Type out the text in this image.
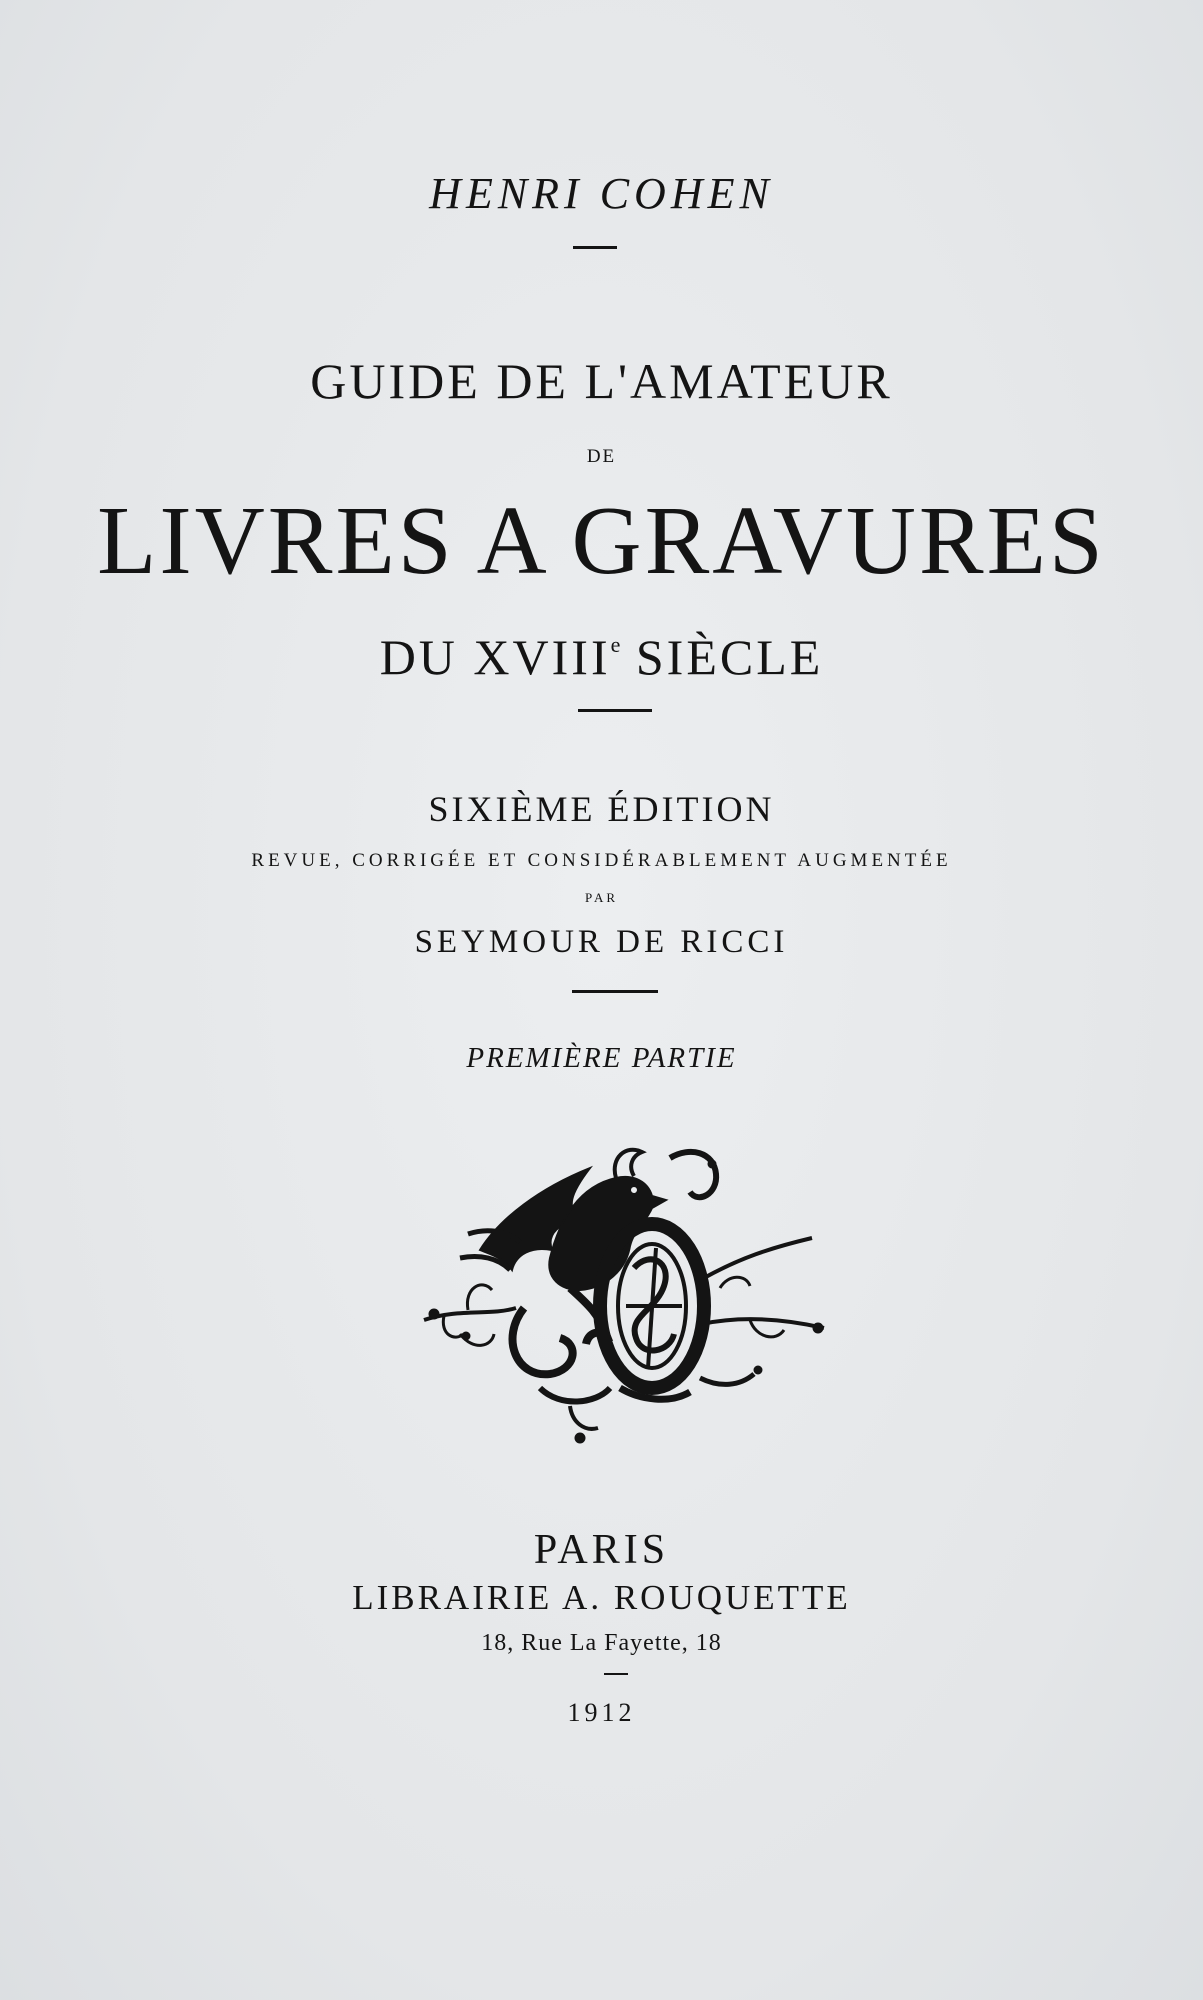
HENRI COHEN
GUIDE DE L'AMATEUR
DE
LIVRES A GRAVURES
DU XVIIIe SIÈCLE
SIXIÈME ÉDITION
REVUE, CORRIGÉE ET CONSIDÉRABLEMENT AUGMENTÉE
PAR
SEYMOUR DE RICCI
PREMIÈRE PARTIE
PARIS
LIBRAIRIE A. ROUQUETTE
18, Rue La Fayette, 18
1912
